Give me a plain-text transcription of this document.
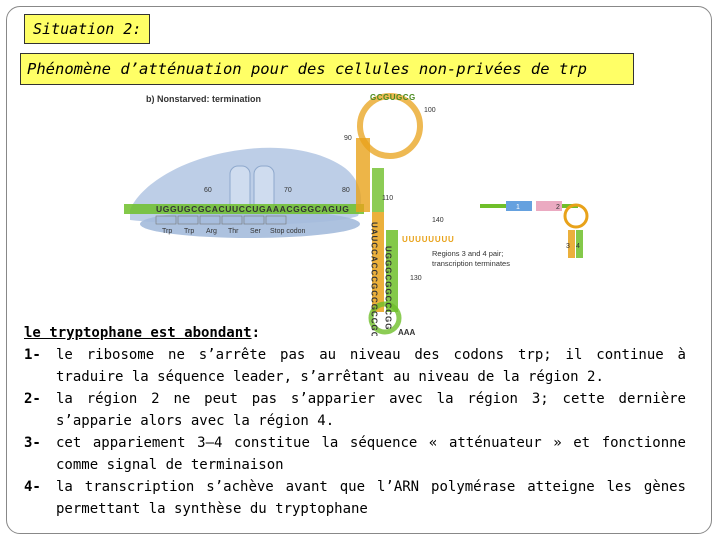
Situation 2:
Phénomène d’atténuation pour des cellules non-privées de trp
b) Nonstarved: termination
UGGUGCGCACUUCCUGAAACGGGCAGUG
Trp Trp Arg Thr Ser Stop codon
60	70	80
GCGUGCG
90
100
110
140
130
UAUCCACCCGCCGCCGCCG UGGGCGGCCCGG
UUUUUUUU
AAA
Regions 3 and 4 pair;
transcription terminates
1	2
3 4
le tryptophane est abondant:
1-	le ribosome ne s’arrête pas au niveau des codons trp; il continue à traduire la séquence leader, s’arrêtant au niveau de la région 2.
2-	la région 2 ne peut pas s’apparier avec la région 3; cette dernière s’apparie alors avec la région 4.
3-	cet appariement 3–4 constitue la séquence « atténuateur » et fonctionne comme signal de terminaison
4-	la transcription s’achève avant que l’ARN polymérase atteigne les gènes permettant la synthèse du tryptophane
